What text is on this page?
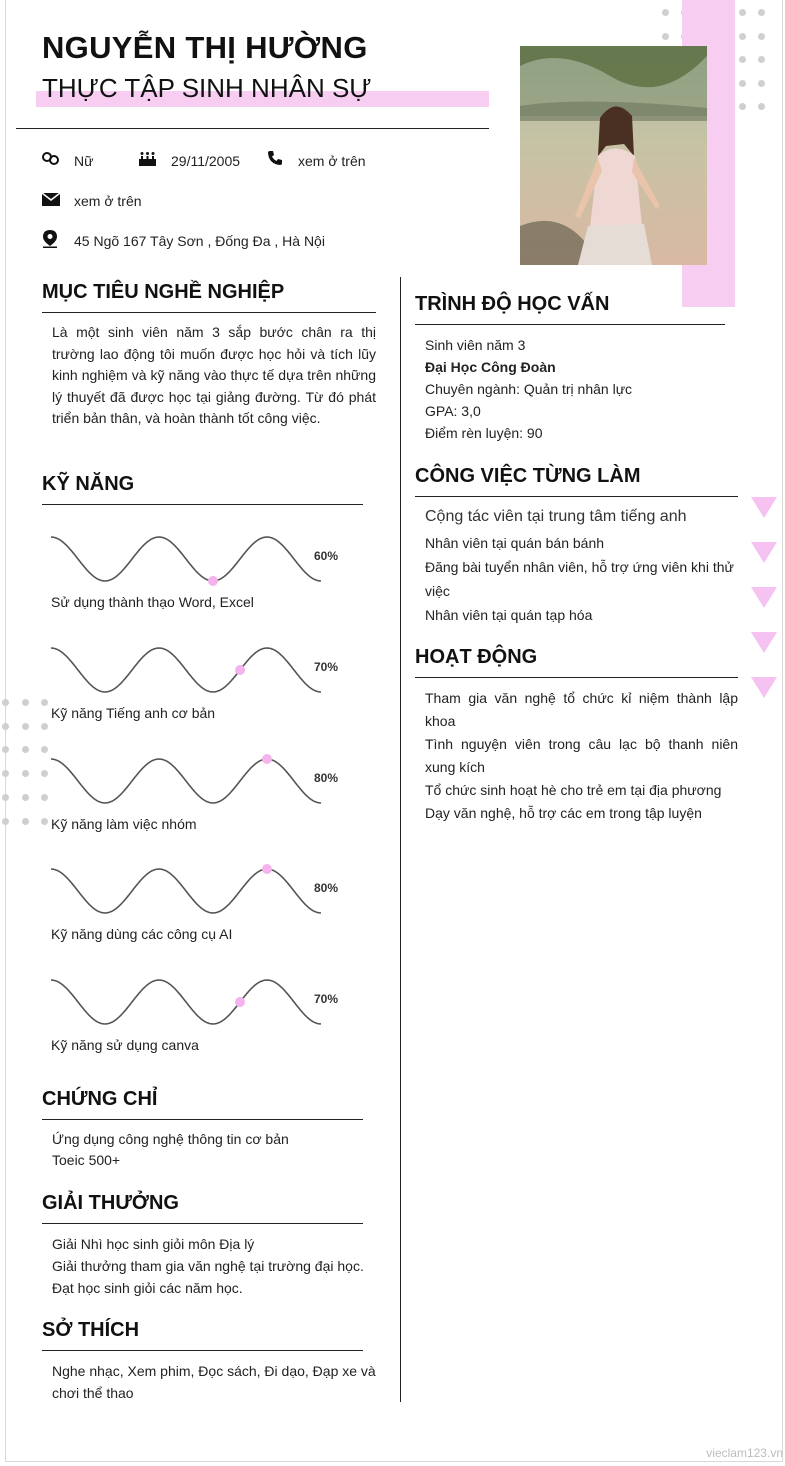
NGUYỄN THỊ HƯỜNG
THỰC TẬP SINH NHÂN SỰ
Nữ	29/11/2005	xem ở trên
xem ở trên
45 Ngõ 167 Tây Sơn , Đống Đa , Hà Nội
MỤC TIÊU NGHỀ NGHIỆP
Là một sinh viên năm 3 sắp bước chân ra thị trường lao động tôi muốn được học hỏi và tích lũy kinh nghiệm và kỹ năng vào thực tế dựa trên những lý thuyết đã được học tại giảng đường. Từ đó phát triển bản thân, và hoàn thành tốt công việc.
KỸ NĂNG
60%
Sử dụng thành thạo Word, Excel
70%
Kỹ năng Tiếng anh cơ bản
80%
Kỹ năng làm việc nhóm
80%
Kỹ năng dùng các công cụ AI
70%
Kỹ năng sử dụng canva
CHỨNG CHỈ
Ứng dụng công nghệ thông tin cơ bản
Toeic 500+
GIẢI THƯỞNG
Giải Nhì học sinh giỏi môn Địa lý
Giải thưởng tham gia văn nghệ tại trường đại học.
Đạt học sinh giỏi các năm học.
SỞ THÍCH
Nghe nhạc, Xem phim, Đọc sách, Đi dạo, Đạp xe và chơi thể thao
TRÌNH ĐỘ HỌC VẤN
Sinh viên năm 3
Đại Học Công Đoàn
Chuyên ngành: Quản trị nhân lực
GPA: 3,0
Điểm rèn luyện: 90
CÔNG VIỆC TỪNG LÀM
Cộng tác viên tại trung tâm tiếng anh
Nhân viên tại quán bán bánh
Đăng bài tuyển nhân viên, hỗ trợ ứng viên khi thử việc
Nhân viên tại quán tạp hóa
HOẠT ĐỘNG
Tham gia văn nghệ tổ chức kỉ niệm thành lập khoa
Tình nguyện viên trong câu lạc bộ thanh niên xung kích
Tổ chức sinh hoạt hè cho trẻ em tại địa phương
Dạy văn nghệ, hỗ trợ các em trong tập luyện
vieclam123.vn
